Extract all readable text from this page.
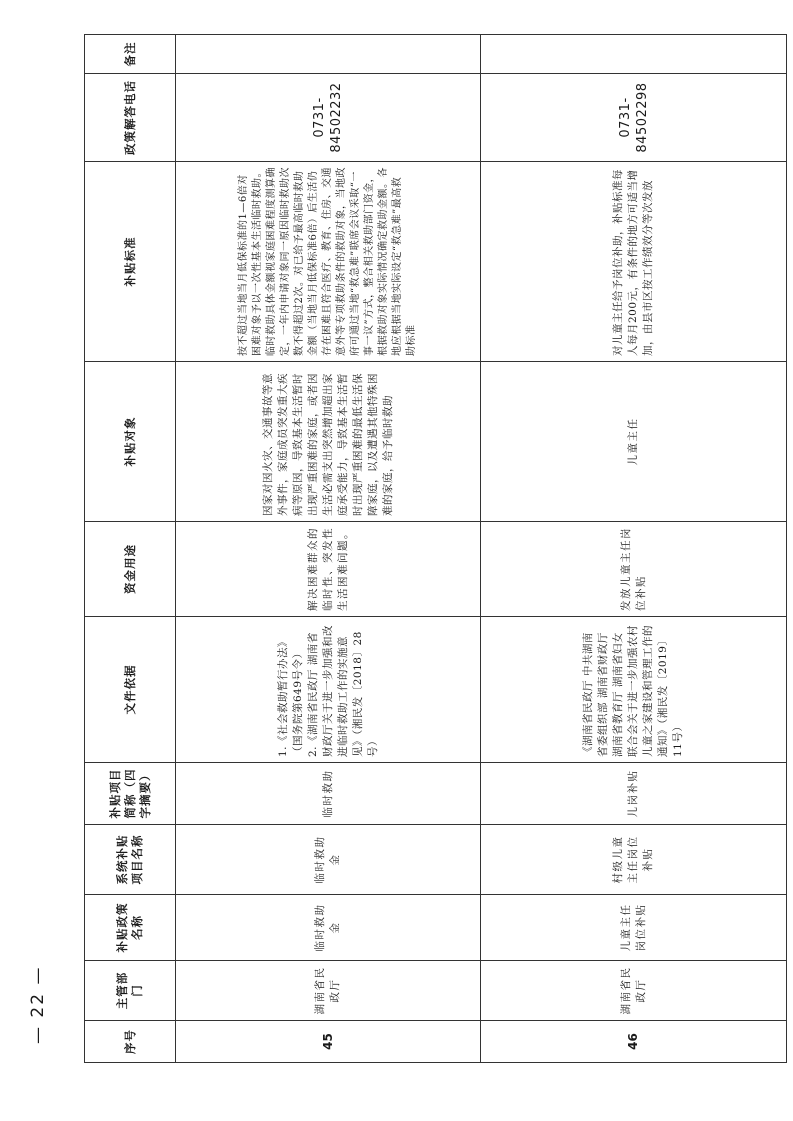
序号	主管部门	补贴政策名称	系统补贴项目名称	补贴项目简称（四字摘要）	文件依据	资金用途	补贴对象	补贴标准	政策解答电话	备注
45	湖南省民政厅	临时救助金	临时救助金	临时救助	1.《社会救助暂行办法》（国务院第649号令） 2.《湖南省民政厅 湖南省财政厅关于进一步加强和改进临时救助工作的实施意见》（湘民发〔2018〕28号）	解决困难群众的临时性、突发性生活困难问题。	因家对因火灾、交通事故等意外事件，家庭成员突发重大疾病等原因，导致基本生活暂时出现严重困难的家庭，或者因生活必需支出突然增加超出家庭承受能力，导致基本生活暂时出现严重困难的最低生活保障家庭，以及遭遇其他特殊困难的家庭，给予临时救助	按不超过当地当月低保标准的1—6倍对困难对象予以一次性基本生活临时救助。临时救助具体金额视家庭困难程度测算确定，一年内申请对象同一原因临时救助次数不得超过2次。对已给予最高临时救助金额（当地当月低保标准6倍）后生活仍存在困难且符合医疗、教育、住房、交通意外等专项救助条件的救助对象，当地政府可通过当地“救急难”联席会议采取“一事一议”方式，整合相关救助部门资金，根据救助对象实际情况确定救助金额。各地应根据当地实际设定“救急难”最高救助标准	0731-84502232	
46	湖南省民政厅	儿童主任岗位补贴	村级儿童主任岗位补贴	儿岗补贴	《湖南省民政厅 中共湖南省委组织部 湖南省财政厅 湖南省教育厅 湖南省妇女联合会关于进一步加强农村儿童之家建设和管理工作的通知》（湘民发〔2019〕11号）	发放儿童主任岗位补贴	儿童主任	对儿童主任给予岗位补助，补贴标准每人每月200元，有条件的地方可适当增加，由县市区按工作绩效分等次发放	0731-84502298	
— 22 —
